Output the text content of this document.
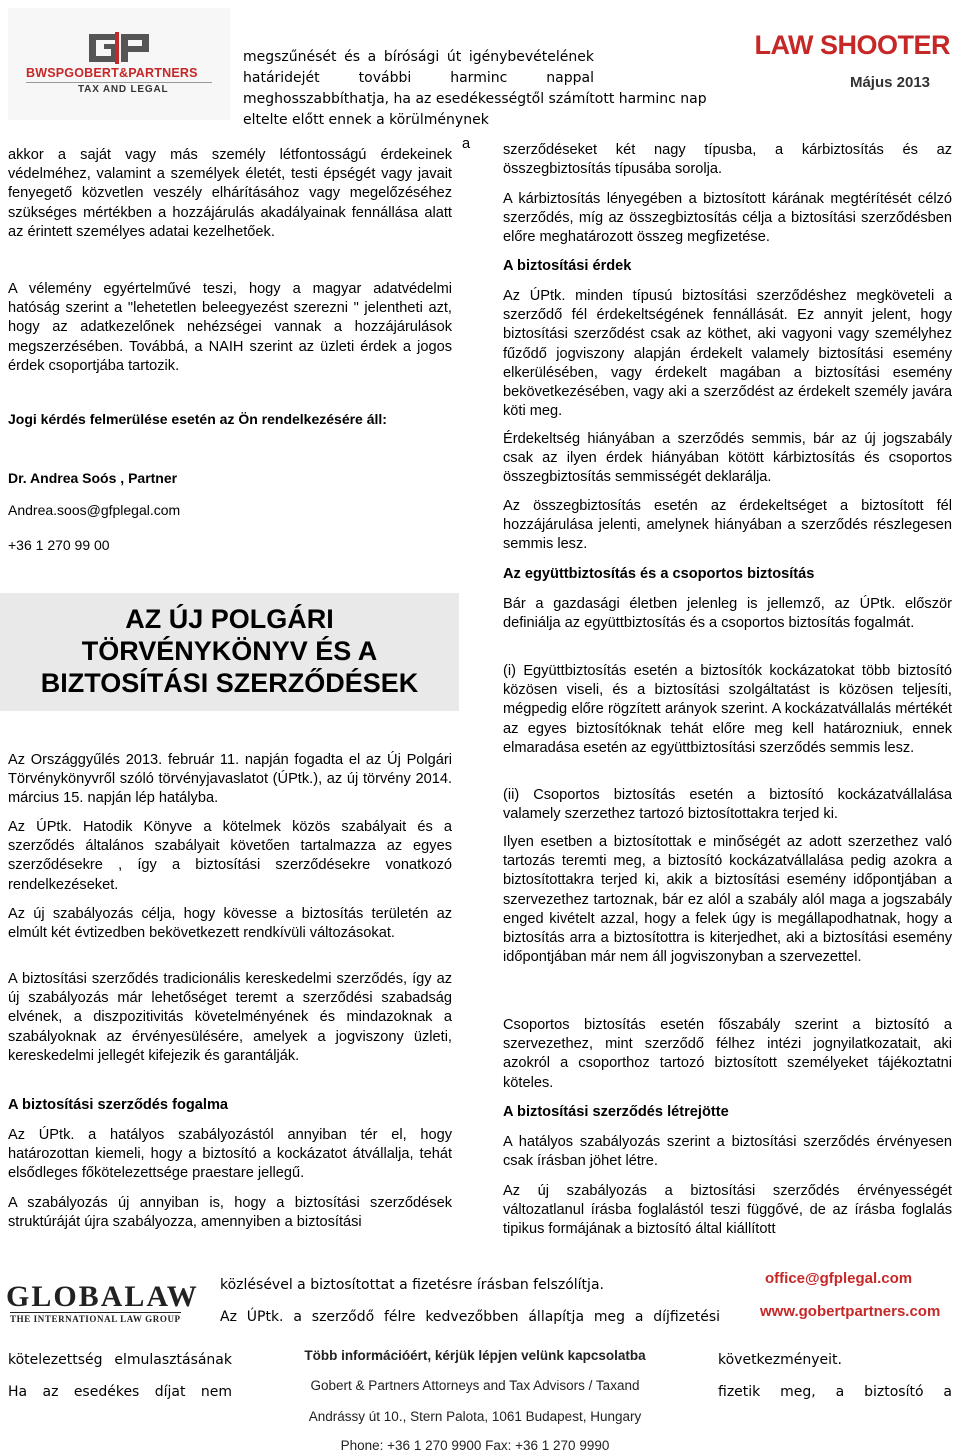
BWSPGOBERT&PARTNERS
TAX AND LEGAL
megszűnését és a bírósági út igénybevételének
határidejét további harminc nappal
meghosszabbíthatja, ha az esedékességtől számított harminc nap
eltelte előtt ennek a körülménynek
LAW SHOOTER
Május 2013

akkor a saját vagy más személy létfontosságú érdekeinek védelméhez, valamint a személyek életét, testi épségét vagy javait fenyegető közvetlen veszély elhárításához vagy megelőzéséhez szükséges mértékben a hozzájárulás akadályainak fennállása alatt az érintett személyes adatai kezelhetőek.

a

A vélemény egyértelművé teszi, hogy a magyar adatvédelmi hatóság szerint a "lehetetlen beleegyezést szerezni " jelentheti azt, hogy az adatkezelőnek nehézségei vannak a hozzájárulások megszerzésében. Továbbá, a NAIH szerint az üzleti érdek a jogos érdek csoportjába tartozik.

Jogi kérdés felmerülése esetén az Ön rendelkezésére áll:

Dr. Andrea Soós , Partner

Andrea.soos@gfplegal.com

+36 1 270 99 00

AZ ÚJ POLGÁRI
TÖRVÉNYKÖNYV ÉS A
BIZTOSÍTÁSI SZERZŐDÉSEK

Az Országgyűlés 2013. február 11. napján fogadta el az Új Polgári Törvénykönyvről szóló törvényjavaslatot (ÚPtk.), az új törvény 2014. március 15. napján lép hatályba.

Az ÚPtk. Hatodik Könyve a kötelmek közös szabályait és a szerződés általános szabályait követően tartalmazza az egyes szerződésekre , így a biztosítási szerződésekre vonatkozó rendelkezéseket.

Az új szabályozás célja, hogy kövesse a biztosítás területén az elmúlt két évtizedben bekövetkezett rendkívüli változásokat.

A biztosítási szerződés tradicionális kereskedelmi szerződés, így az új szabályozás már lehetőséget teremt a szerződési szabadság elvének, a diszpozitivitás követelményének és mindazoknak a szabályoknak az érvényesülésére, amelyek a jogviszony üzleti, kereskedelmi jellegét kifejezik és garantálják.

A biztosítási szerződés fogalma

Az ÚPtk. a hatályos szabályozástól annyiban tér el, hogy határozottan kiemeli, hogy a biztosító a kockázatot átvállalja, tehát elsődleges főkötelezettsége praestare jellegű.

A szabályozás új annyiban is, hogy a biztosítási szerződések struktúráját újra szabályozza, amennyiben a biztosítási

szerződéseket két nagy típusba, a kárbiztosítás és az összegbiztosítás típusába sorolja.

A kárbiztosítás lényegében a biztosított kárának megtérítését célzó szerződés, míg az összegbiztosítás célja a biztosítási szerződésben előre meghatározott összeg megfizetése.

A biztosítási érdek

Az ÚPtk. minden típusú biztosítási szerződéshez megköveteli a szerződő fél érdekeltségének fennállását. Ez annyit jelent, hogy biztosítási szerződést csak az köthet, aki vagyoni vagy személyhez fűződő jogviszony alapján érdekelt valamely biztosítási esemény elkerülésében, vagy érdekelt magában a biztosítási esemény bekövetkezésében, vagy aki a szerződést az érdekelt személy javára köti meg.

Érdekeltség hiányában a szerződés semmis, bár az új jogszabály csak az ilyen érdek hiányában kötött kárbiztosítás és csoportos összegbiztosítás semmisségét deklarálja.

Az összegbiztosítás esetén az érdekeltséget a biztosított fél hozzájárulása jelenti, amelynek hiányában a szerződés részlegesen semmis lesz.

Az együttbiztosítás és a csoportos biztosítás

Bár a gazdasági életben jelenleg is jellemző, az ÚPtk. először definiálja az együttbiztosítás és a csoportos biztosítás fogalmát.

(i) Együttbiztosítás esetén a biztosítók kockázatokat több biztosító közösen viseli, és a biztosítási szolgáltatást is közösen teljesíti, mégpedig előre rögzített arányok szerint. A kockázatvállalás mértékét az egyes biztosítóknak tehát előre meg kell határozniuk, ennek elmaradása esetén az együttbiztosítási szerződés semmis lesz.

(ii) Csoportos biztosítás esetén a biztosító kockázatvállalása valamely szerzethez tartozó biztosítottakra terjed ki.

Ilyen esetben a biztosítottak e minőségét az adott szerzethez való tartozás teremti meg, a biztosító kockázatvállalása pedig azokra a biztosítottakra terjed ki, akik a biztosítási esemény időpontjában a szervezethez tartoznak, bár ez alól a szabály alól maga a jogszabály enged kivételt azzal, hogy a felek úgy is megállapodhatnak, hogy a biztosítás arra a biztosítottra is kiterjedhet, aki a biztosítási esemény időpontjában már nem áll jogviszonyban a szervezettel.

Csoportos biztosítás esetén főszabály szerint a biztosító a szervezethez, mint szerződő félhez intézi jognyilatkozatait, aki azokról a csoporthoz tartozó biztosított személyeket tájékoztatni köteles.

A biztosítási szerződés létrejötte

A hatályos szabályozás szerint a biztosítási szerződés érvényesen csak írásban jöhet létre.

Az új szabályozás a biztosítási szerződés érvényességét változatlanul írásba foglalástól teszi függővé, de az írásba foglalás tipikus formájának a biztosító által kiállított

GLOBALAW
THE INTERNATIONAL LAW GROUP
közlésével a biztosítottat a fizetésre írásban felszólítja.
Az ÚPtk. a szerződő félre kedvezőbben állapítja meg a díjfizetési
office@gfplegal.com
www.gobertpartners.com
kötelezettség elmulasztásának
Ha az esedékes díjat nem
következményeit.
fizetik meg, a biztosító a
Több információért, kérjük lépjen velünk kapcsolatba
Gobert & Partners Attorneys and Tax Advisors / Taxand
Andrássy út 10., Stern Palota, 1061 Budapest, Hungary
Phone: +36 1 270 9900 Fax: +36 1 270 9990
